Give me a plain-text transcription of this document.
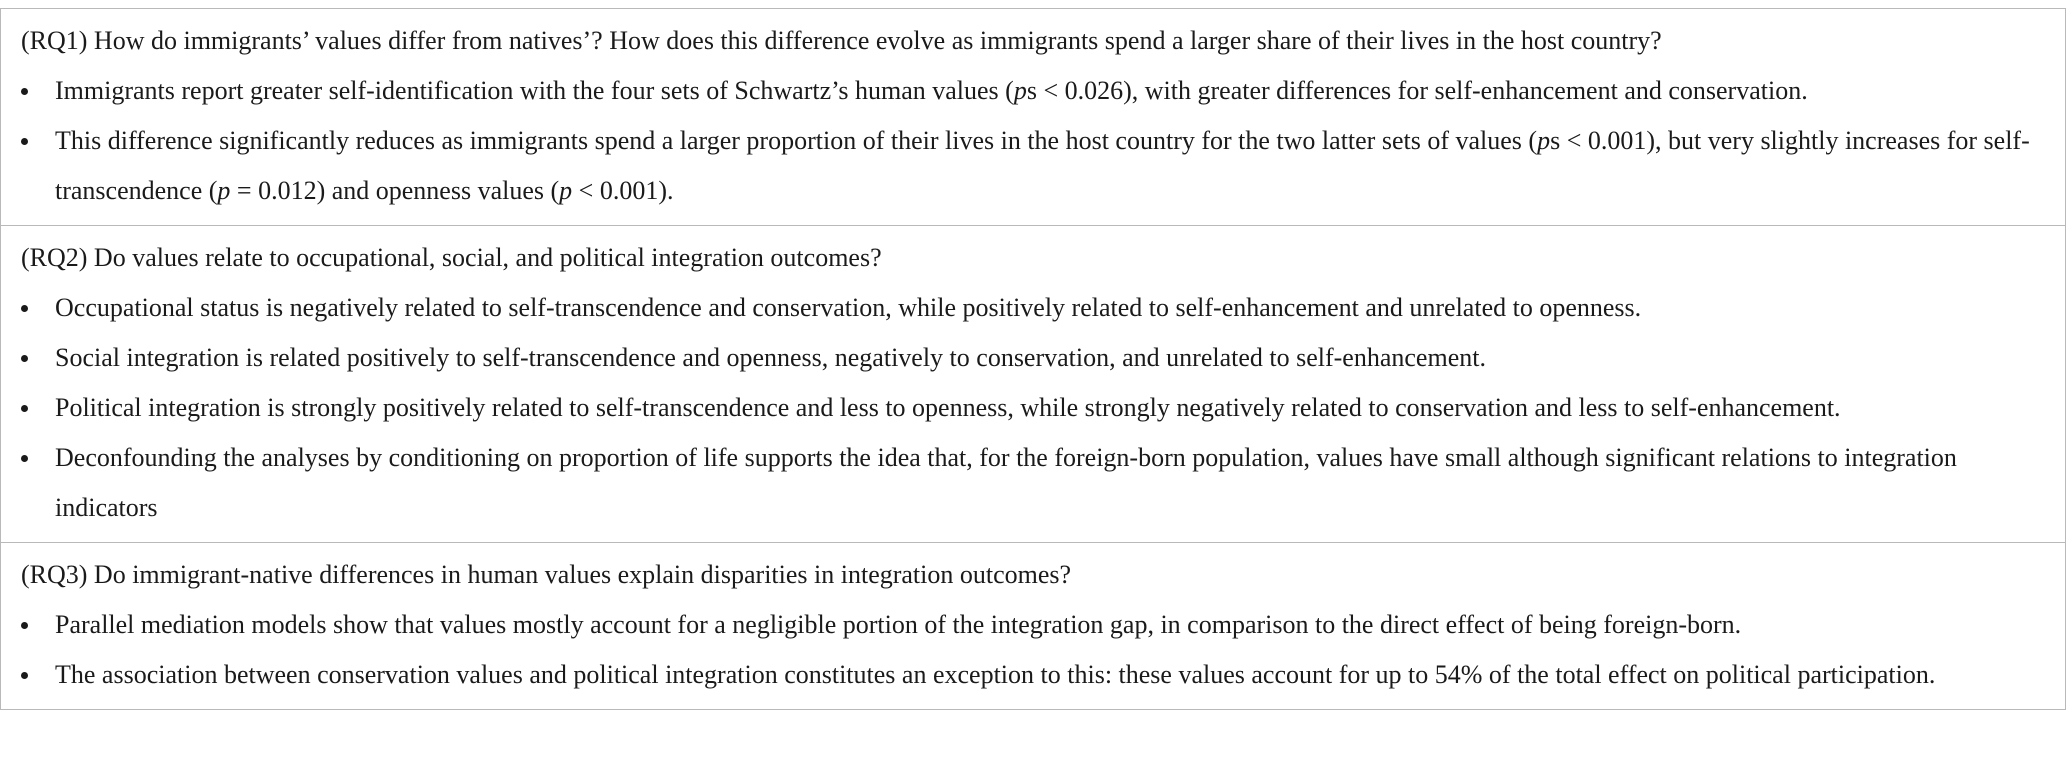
(RQ1) How do immigrants’ values differ from natives’? How does this difference evolve as immigrants spend a larger share of their lives in the host country?

Immigrants report greater self-identification with the four sets of Schwartz’s human values (ps < 0.026), with greater differences for self-enhancement and conservation.
This difference significantly reduces as immigrants spend a larger proportion of their lives in the host country for the two latter sets of values (ps < 0.001), but very slightly increases for self-transcendence (p = 0.012) and openness values (p < 0.001).

(RQ2) Do values relate to occupational, social, and political integration outcomes?

Occupational status is negatively related to self-transcendence and conservation, while positively related to self-enhancement and unrelated to openness.
Social integration is related positively to self-transcendence and openness, negatively to conservation, and unrelated to self-enhancement.
Political integration is strongly positively related to self-transcendence and less to openness, while strongly negatively related to conservation and less to self-enhancement.
Deconfounding the analyses by conditioning on proportion of life supports the idea that, for the foreign-born population, values have small although significant relations to integration indicators

(RQ3) Do immigrant-native differences in human values explain disparities in integration outcomes?

Parallel mediation models show that values mostly account for a negligible portion of the integration gap, in comparison to the direct effect of being foreign-born.
The association between conservation values and political integration constitutes an exception to this: these values account for up to 54% of the total effect on political participation.
